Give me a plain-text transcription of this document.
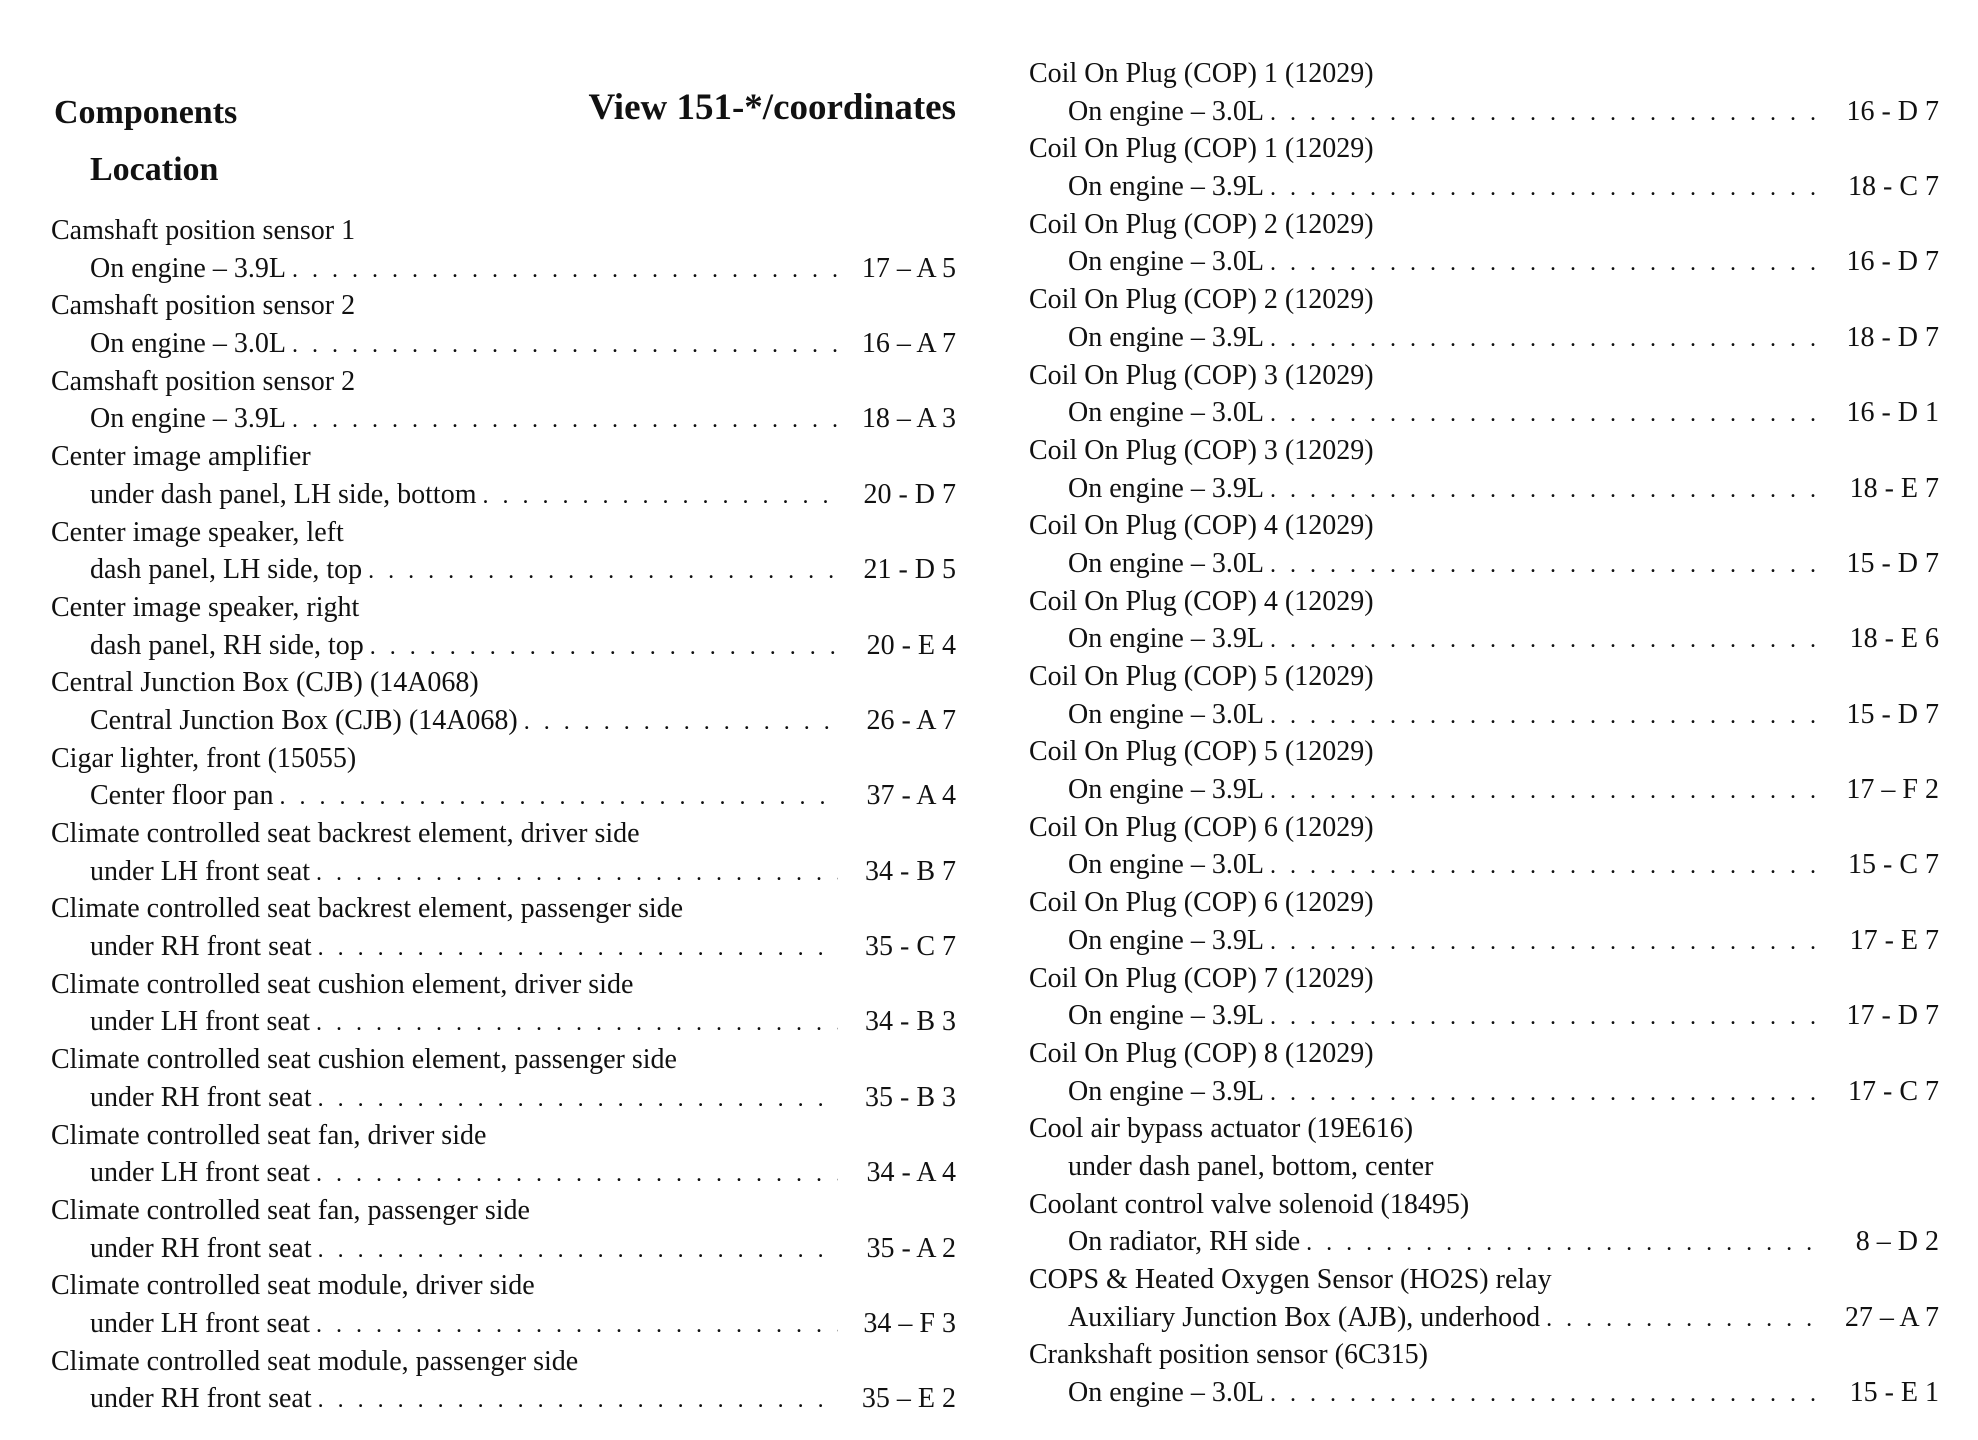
Components	View 151-*/coordinates
Location
Camshaft position sensor 1
On engine – 3.9L . . .	17 – A 5
Camshaft position sensor 2
On engine – 3.0L . . .	16 – A 7
Camshaft position sensor 2
On engine – 3.9L . . .	18 – A 3
Center image amplifier
under dash panel, LH side, bottom . . .	20 - D 7
Center image speaker, left
dash panel, LH side, top . . .	21 - D 5
Center image speaker, right
dash panel, RH side, top . . .	20 - E 4
Central Junction Box (CJB) (14A068)
Central Junction Box (CJB) (14A068) . . .	26 - A 7
Cigar lighter, front (15055)
Center floor pan . . .	37 - A 4
Climate controlled seat backrest element, driver side
under LH front seat . . .	34 - B 7
Climate controlled seat backrest element, passenger side
under RH front seat . . .	35 - C 7
Climate controlled seat cushion element, driver side
under LH front seat . . .	34 - B 3
Climate controlled seat cushion element, passenger side
under RH front seat . . .	35 - B 3
Climate controlled seat fan, driver side
under LH front seat . . .	34 - A 4
Climate controlled seat fan, passenger side
under RH front seat . . .	35 - A 2
Climate controlled seat module, driver side
under LH front seat . . .	34 – F 3
Climate controlled seat module, passenger side
under RH front seat . . .	35 – E 2
Coil On Plug (COP) 1 (12029)
On engine – 3.0L . . .	16 - D 7
Coil On Plug (COP) 1 (12029)
On engine – 3.9L . . .	18 - C 7
Coil On Plug (COP) 2 (12029)
On engine – 3.0L . . .	16 - D 7
Coil On Plug (COP) 2 (12029)
On engine – 3.9L . . .	18 - D 7
Coil On Plug (COP) 3 (12029)
On engine – 3.0L . . .	16 - D 1
Coil On Plug (COP) 3 (12029)
On engine – 3.9L . . .	18 - E 7
Coil On Plug (COP) 4 (12029)
On engine – 3.0L . . .	15 - D 7
Coil On Plug (COP) 4 (12029)
On engine – 3.9L . . .	18 - E 6
Coil On Plug (COP) 5 (12029)
On engine – 3.0L . . .	15 - D 7
Coil On Plug (COP) 5 (12029)
On engine – 3.9L . . .	17 – F 2
Coil On Plug (COP) 6 (12029)
On engine – 3.0L . . .	15 - C 7
Coil On Plug (COP) 6 (12029)
On engine – 3.9L . . .	17 - E 7
Coil On Plug (COP) 7 (12029)
On engine – 3.9L . . .	17 - D 7
Coil On Plug (COP) 8 (12029)
On engine – 3.9L . . .	17 - C 7
Cool air bypass actuator (19E616)
under dash panel, bottom, center
Coolant control valve solenoid (18495)
On radiator, RH side . . .	8 – D 2
COPS & Heated Oxygen Sensor (HO2S) relay
Auxiliary Junction Box (AJB), underhood . . .	27 – A 7
Crankshaft position sensor (6C315)
On engine – 3.0L . . .	15 - E 1
